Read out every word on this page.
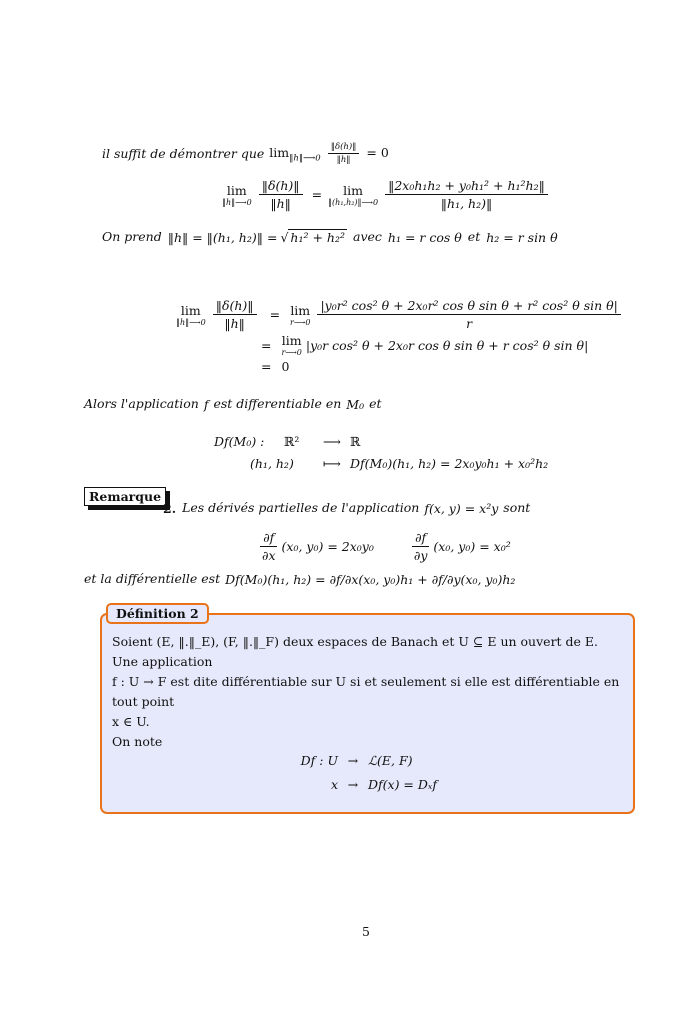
il suffit de démontrer que $\lim_{‖h‖⟶0} \frac{‖\delta(h)‖}{‖h‖} = 0$
lim
‖h‖⟶0 $\frac{‖\delta(h)‖}{‖h‖} = \lim$
‖(h₁,h₂)‖⟶0 $\frac{\text{‖2x₀h₁h₂ + y₀h₁² + h₁²h₂‖}}{\text{‖h₁, h₂)‖}}$
On prend ‖h‖ = ‖(h₁, h₂)‖ = √ h₁² + h₂² avec h₁ = r cos θ et h₂ = r sin θ
lim
‖h‖⟶0 $\frac{‖\delta(h)‖}{‖h‖} = \lim$
r⟶0 $\frac{\text{|y₀r² cos² θ + 2x₀r² cos θ sin θ + r² cos² θ sin θ|}}{r}$
= lim
r⟶0 |y₀r cos² θ + 2x₀r cos θ sin θ + r cos² θ sin θ|
= 0
Alors l'application f est differentiable en M₀ et
Df(M₀) :	ℝ²	⟶ ℝ
(h₁, h₂)	⟼ Df(M₀)(h₁, h₂) = 2x₀y₀h₁ + x₀²h₂
Remarque
2. Les dérivés partielles de l'application f(x, y) = x²y sont
$\frac{\partial f}{\partial x} (x_0$, y₀) = 2x₀y₀	$\frac{\partial f}{\partial y} (x_0$, y₀) = x₀²
et la différentielle est Df(M₀)(h₁, h₂) = ∂f/∂x(x₀, y₀)h₁ + ∂f/∂y(x₀, y₀)h₂
Définition 2
Soient (E, ‖.‖_E), (F, ‖.‖_F) deux espaces de Banach et U ⊆ E un ouvert de E. Une application
f : U → F est dite différentiable sur U si et seulement si elle est différentiable en tout point
x ∈ U.
On note
Df : U → ℒ(E, F)
x → Df(x) = Dₓf
5
